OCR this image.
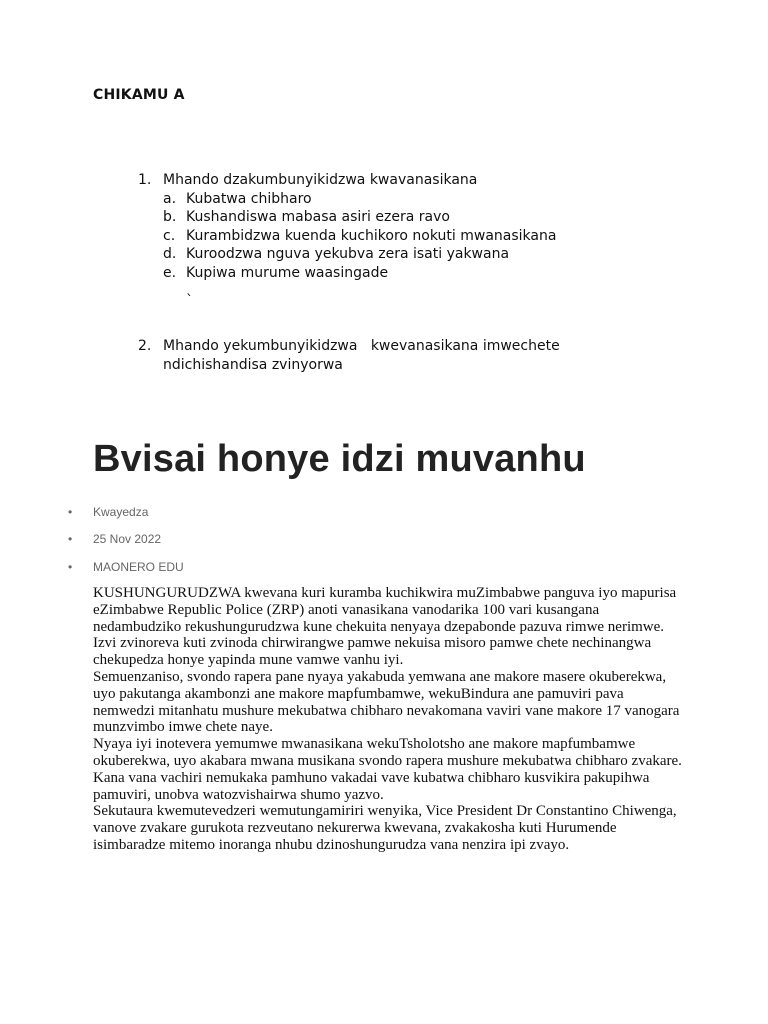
CHIKAMU A
1. Mhando dzakumbunyikidzwa kwavanasikana
a. Kubatwa chibharo
b. Kushandiswa mabasa asiri ezera ravo
c. Kurambidzwa kuenda kuchikoro nokuti mwanasikana
d. Kuroodzwa nguva yekubva zera isati yakwana
e. Kupiwa murume waasingade
`
2. Mhando yekumbunyikidzwa   kwevanasikana imwechete ndichishandisa zvinyorwa
Bvisai honye idzi muvanhu
•	Kwayedza
•	25 Nov 2022
•	MAONERO EDU

KUSHUNGURUDZWA kwevana kuri kuramba kuchikwira muZimbabwe panguva iyo mapurisa eZimbabwe Republic Police (ZRP) anoti vanasikana vanodarika 100 vari kusangana nedambudziko rekushungurudzwa kune chekuita nenyaya dzepabonde pazuva rimwe nerimwe.

Izvi zvinoreva kuti zvinoda chirwirangwe pamwe nekuisa misoro pamwe chete nechinangwa chekupedza honye yapinda mune vamwe vanhu iyi.

Semuenzaniso, svondo rapera pane nyaya yakabuda yemwana ane makore masere okuberekwa, uyo pakutanga akambonzi ane makore mapfumbamwe, wekuBindura ane pamuviri pava nemwedzi mitanhatu mushure mekubatwa chibharo nevakomana vaviri vane makore 17 vanogara munzvimbo imwe chete naye.

Nyaya iyi inotevera yemumwe mwanasikana wekuTsholotsho ane makore mapfumbamwe okuberekwa, uyo akabara mwana musikana svondo rapera mushure mekubatwa chibharo zvakare.

Kana vana vachiri nemukaka pamhuno vakadai vave kubatwa chibharo kusvikira pakupihwa pamuviri, unobva watozvishairwa shumo yazvo.

Sekutaura kwemutevedzeri wemutungamiriri wenyika, Vice President Dr Constantino Chiwenga, vanove zvakare gurukota rezveutano nekurerwa kwevana, zvakakosha kuti Hurumende isimbaradze mitemo inoranga nhubu dzinoshungurudza vana nenzira ipi zvayo.
